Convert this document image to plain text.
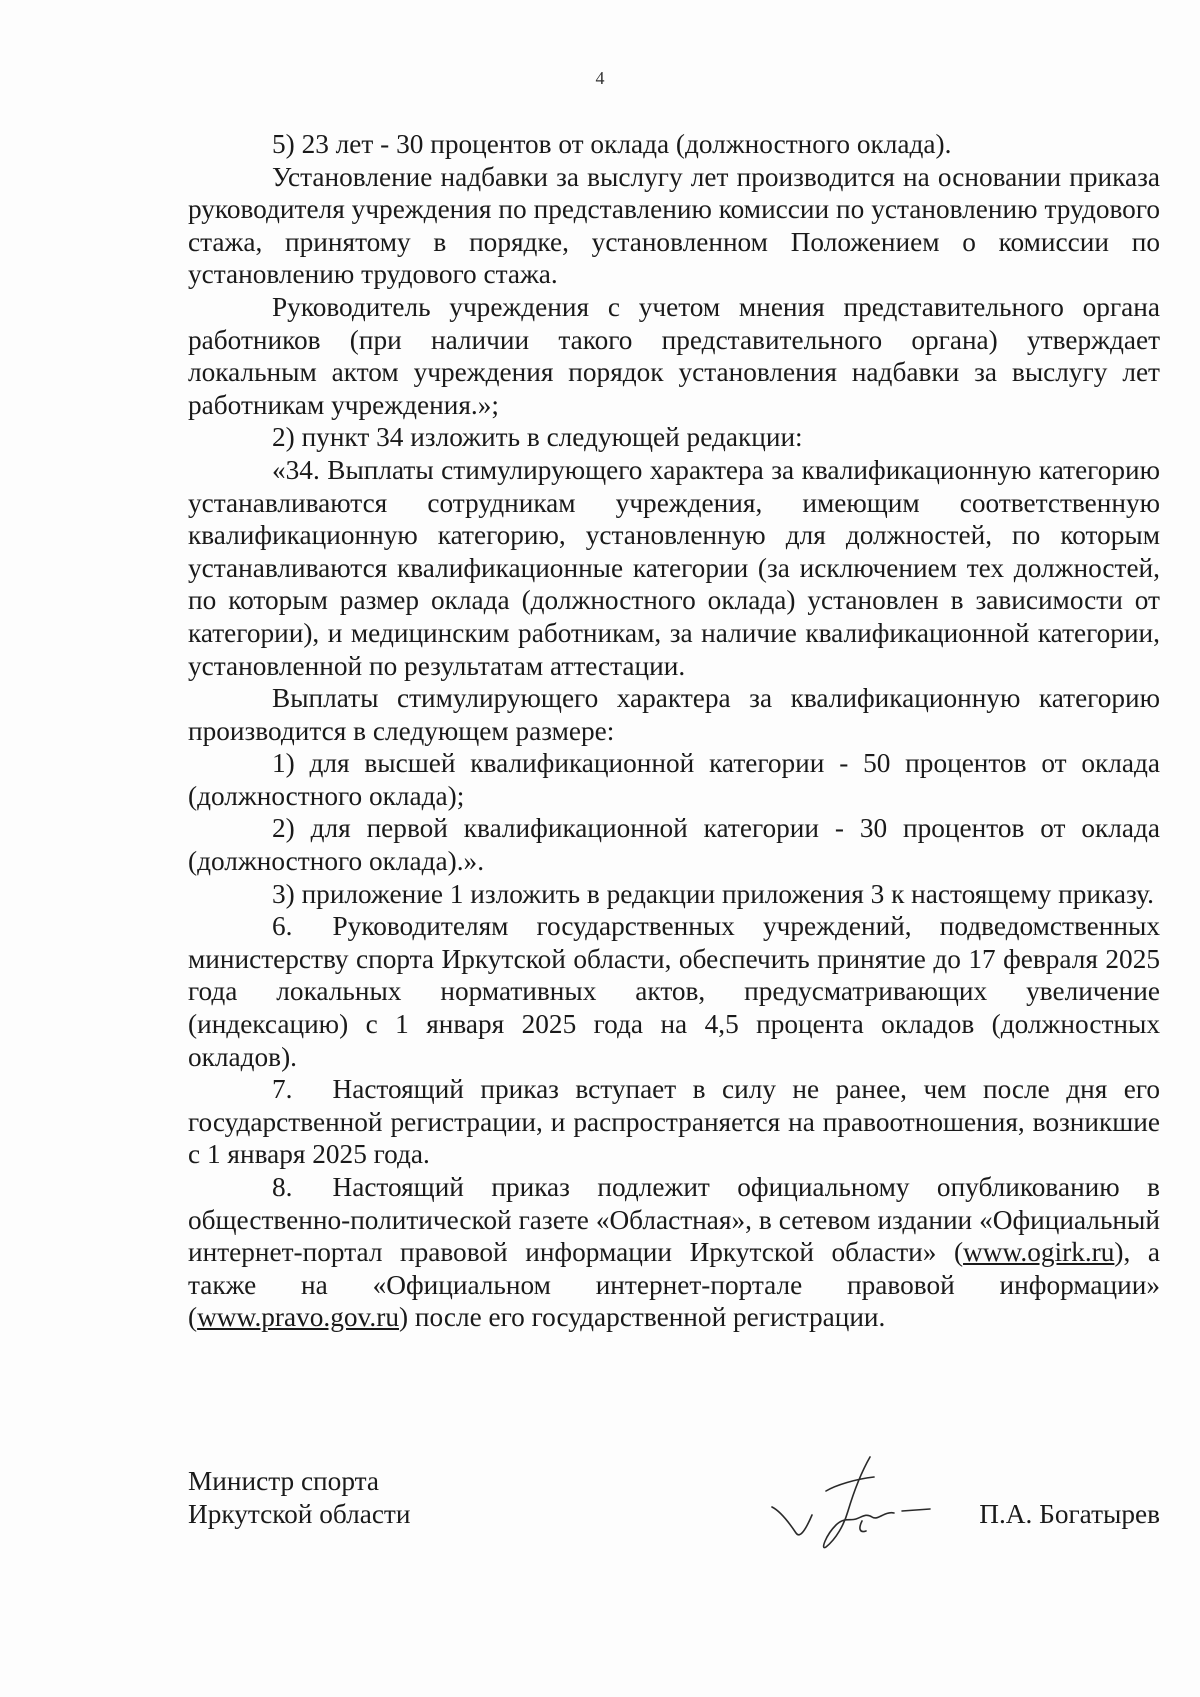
4

5) 23 лет - 30 процентов от оклада (должностного оклада).

Установление надбавки за выслугу лет производится на основании приказа руководителя учреждения по представлению комиссии по установлению трудового стажа, принятому в порядке, установленном Положением о комиссии по установлению трудового стажа.

Руководитель учреждения с учетом мнения представительного органа работников (при наличии такого представительного органа) утверждает локальным актом учреждения порядок установления надбавки за выслугу лет работникам учреждения.»;

2) пункт 34 изложить в следующей редакции:

«34. Выплаты стимулирующего характера за квалификационную категорию устанавливаются сотрудникам учреждения, имеющим соответственную квалификационную категорию, установленную для должностей, по которым устанавливаются квалификационные категории (за исключением тех должностей, по которым размер оклада (должностного оклада) установлен в зависимости от категории), и медицинским работникам, за наличие квалификационной категории, установленной по результатам аттестации.

Выплаты стимулирующего характера за квалификационную категорию производится в следующем размере:

1) для высшей квалификационной категории - 50 процентов от оклада (должностного оклада);

2) для первой квалификационной категории - 30 процентов от оклада (должностного оклада).».

3) приложение 1 изложить в редакции приложения 3 к настоящему приказу.

6. Руководителям государственных учреждений, подведомственных министерству спорта Иркутской области, обеспечить принятие до 17 февраля 2025 года локальных нормативных актов, предусматривающих увеличение (индексацию) с 1 января 2025 года на 4,5 процента окладов (должностных окладов).

7. Настоящий приказ вступает в силу не ранее, чем после дня его государственной регистрации, и распространяется на правоотношения, возникшие с 1 января 2025 года.

8. Настоящий приказ подлежит официальному опубликованию в общественно-политической газете «Областная», в сетевом издании «Официальный интернет-портал правовой информации Иркутской области» (www.ogirk.ru), а также на «Официальном интернет-портале правовой информации» (www.pravo.gov.ru) после его государственной регистрации.

Министр спорта
Иркутской области	П.А. Богатырев
